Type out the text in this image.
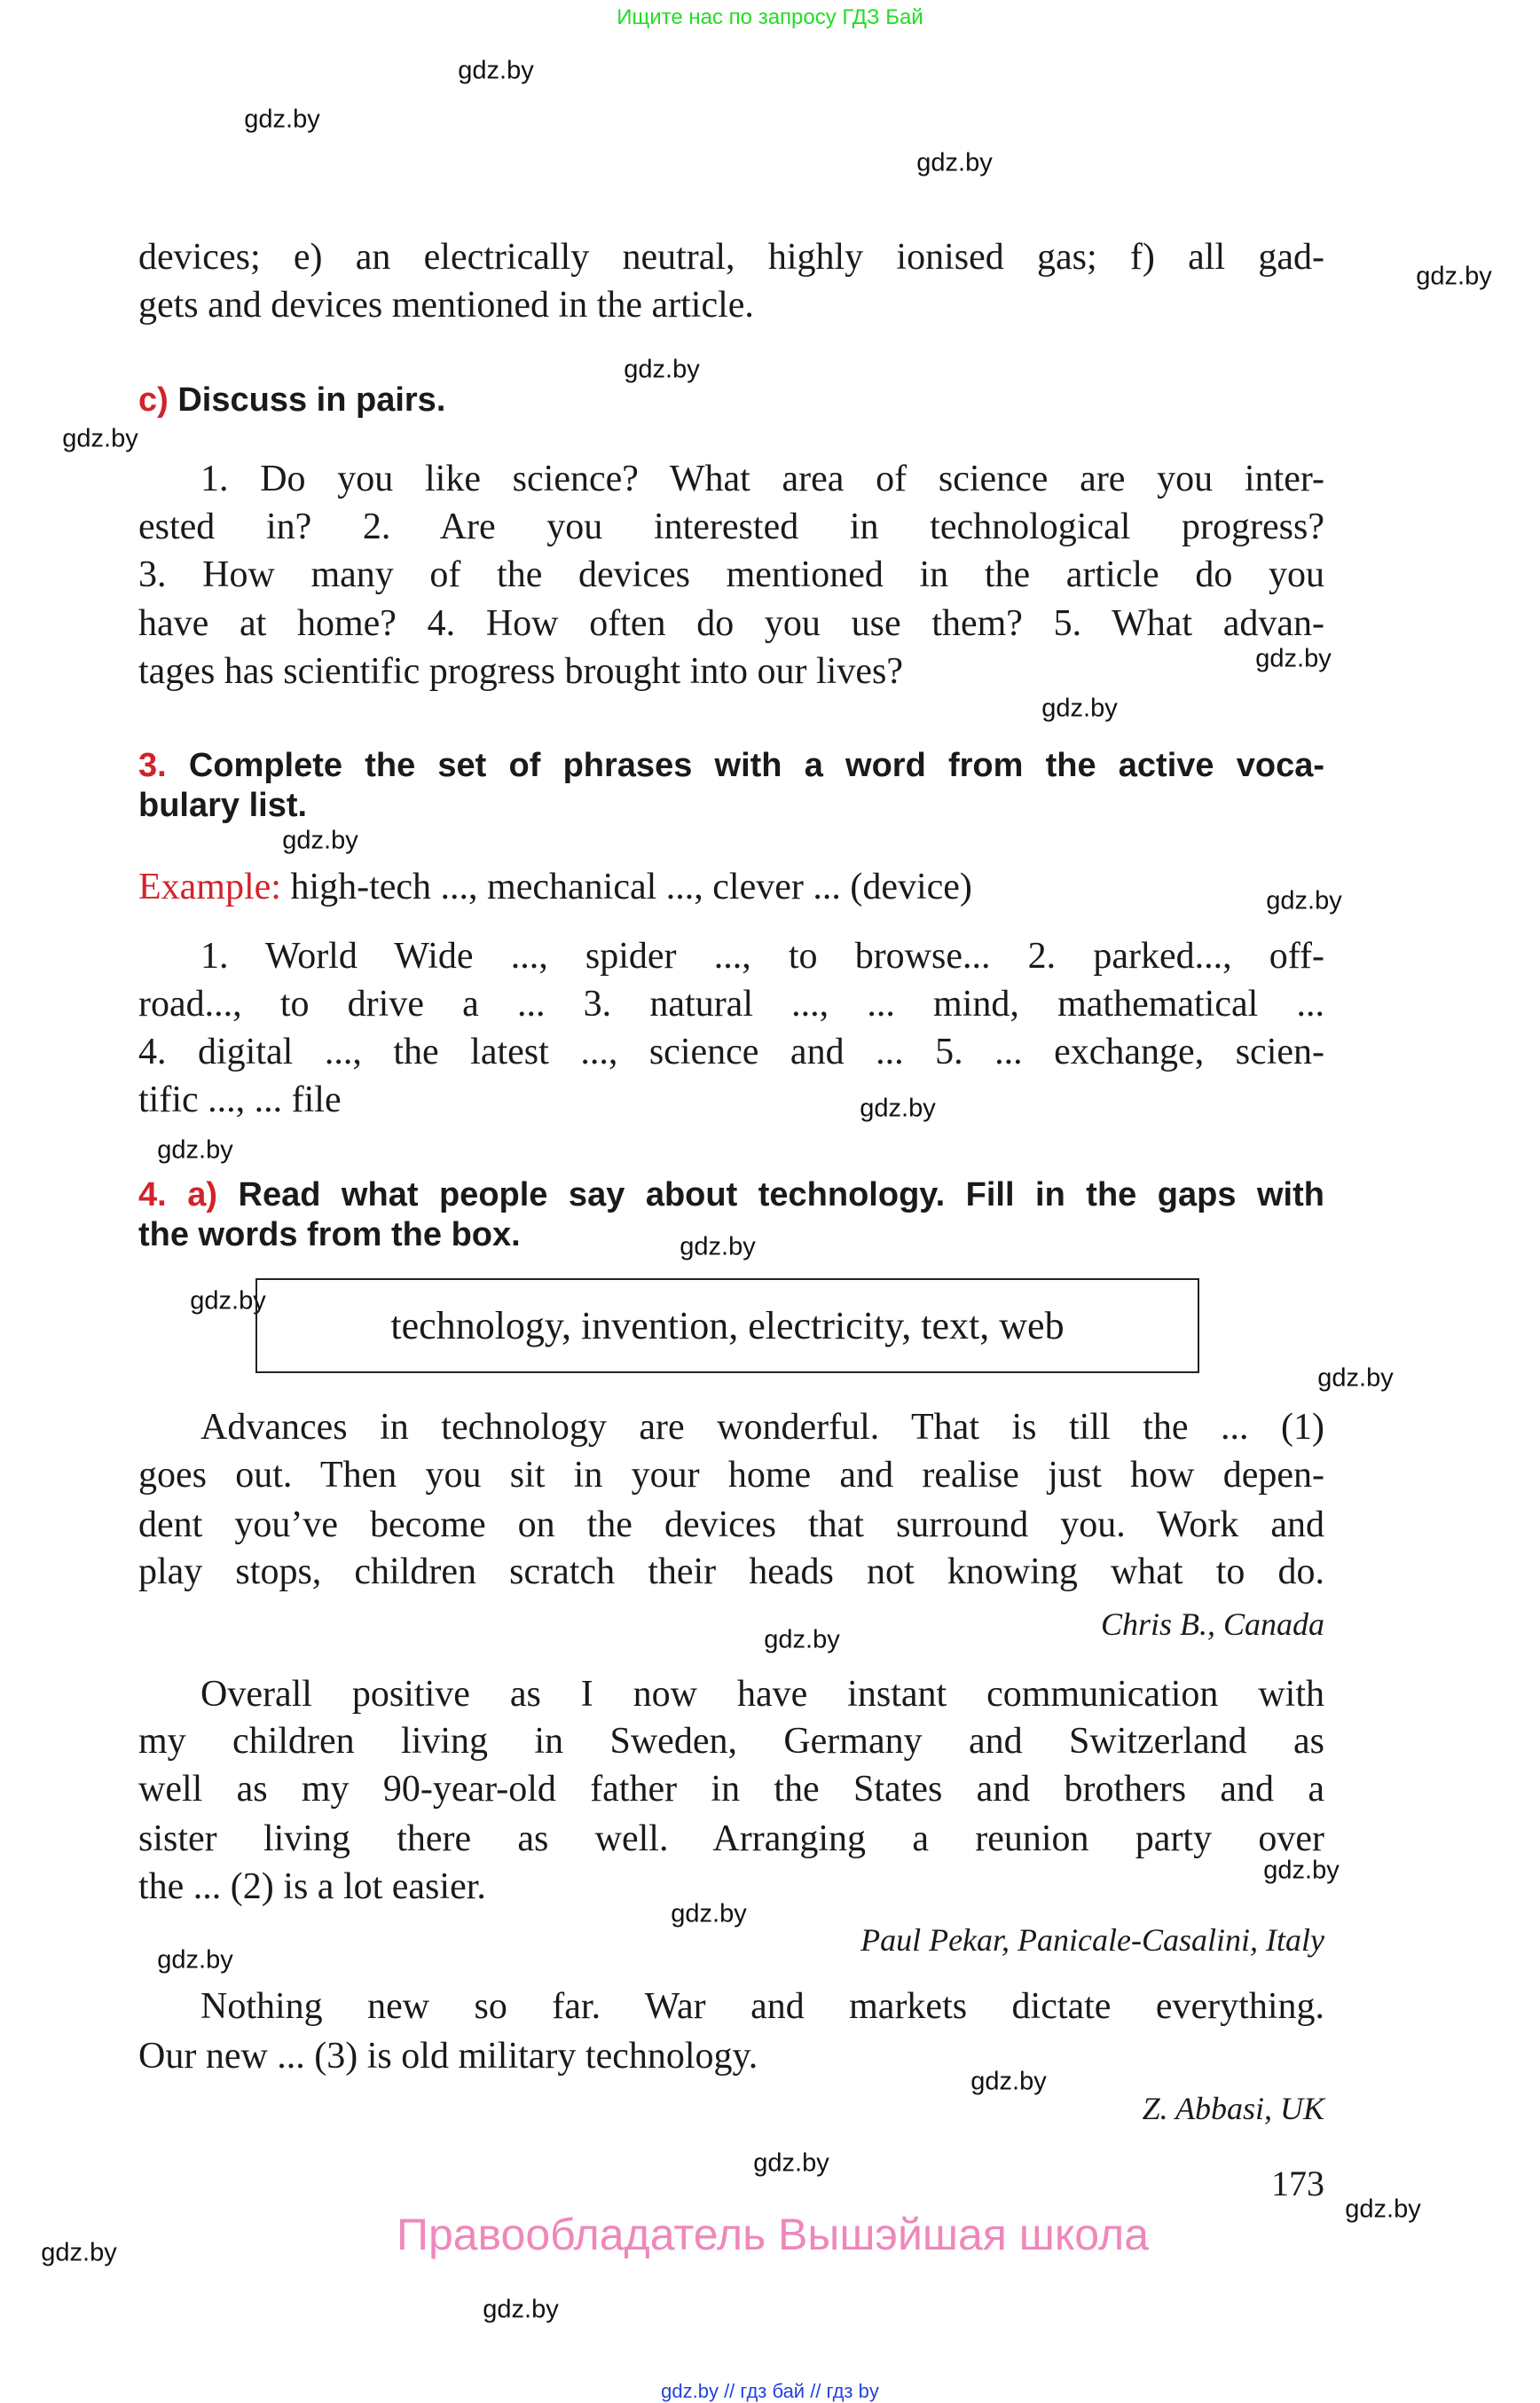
Ищите нас по запросу ГДЗ Бай
gdz.by
gdz.by
gdz.by
gdz.by
gdz.by
gdz.by
gdz.by
gdz.by
gdz.by
gdz.by
gdz.by
gdz.by
gdz.by
gdz.by
gdz.by
gdz.by
gdz.by
gdz.by
gdz.by
gdz.by
gdz.by
gdz.by
gdz.by
gdz.by
devices; e) an electrically neutral, highly ionised gas; f) all gad-
gets and devices mentioned in the article.
c) Discuss in pairs.
1. Do you like science? What area of science are you inter-
ested in? 2. Are you interested in technological progress?
3. How many of the devices mentioned in the article do you
have at home? 4. How often do you use them? 5. What advan-
tages has scientific progress brought into our lives?
3. Complete the set of phrases with a word from the active voca-
bulary list.
Example: high-tech ..., mechanical ..., clever ... (device)
1. World Wide ..., spider ..., to browse... 2. parked..., off-
road..., to drive a ... 3. natural ..., ... mind, mathematical ...
4. digital ..., the latest ..., science and ... 5. ... exchange, scien-
tific ..., ... file
4. a) Read what people say about technology. Fill in the gaps with
the words from the box.
technology, invention, electricity, text, web
Advances in technology are wonderful. That is till the ... (1)
goes out. Then you sit in your home and realise just how depen-
dent you’ve become on the devices that surround you. Work and
play stops, children scratch their heads not knowing what to do.
Chris B., Canada
Overall positive as I now have instant communication with
my children living in Sweden, Germany and Switzerland as
well as my 90-year-old father in the States and brothers and a
sister living there as well. Arranging a reunion party over
the ... (2) is a lot easier.
Paul Pekar, Panicale-Casalini, Italy
Nothing new so far. War and markets dictate everything.
Our new ... (3) is old military technology.
Z. Abbasi, UK
173
Правообладатель Вышэйшая школа
gdz.by // гдз бай // гдз by
